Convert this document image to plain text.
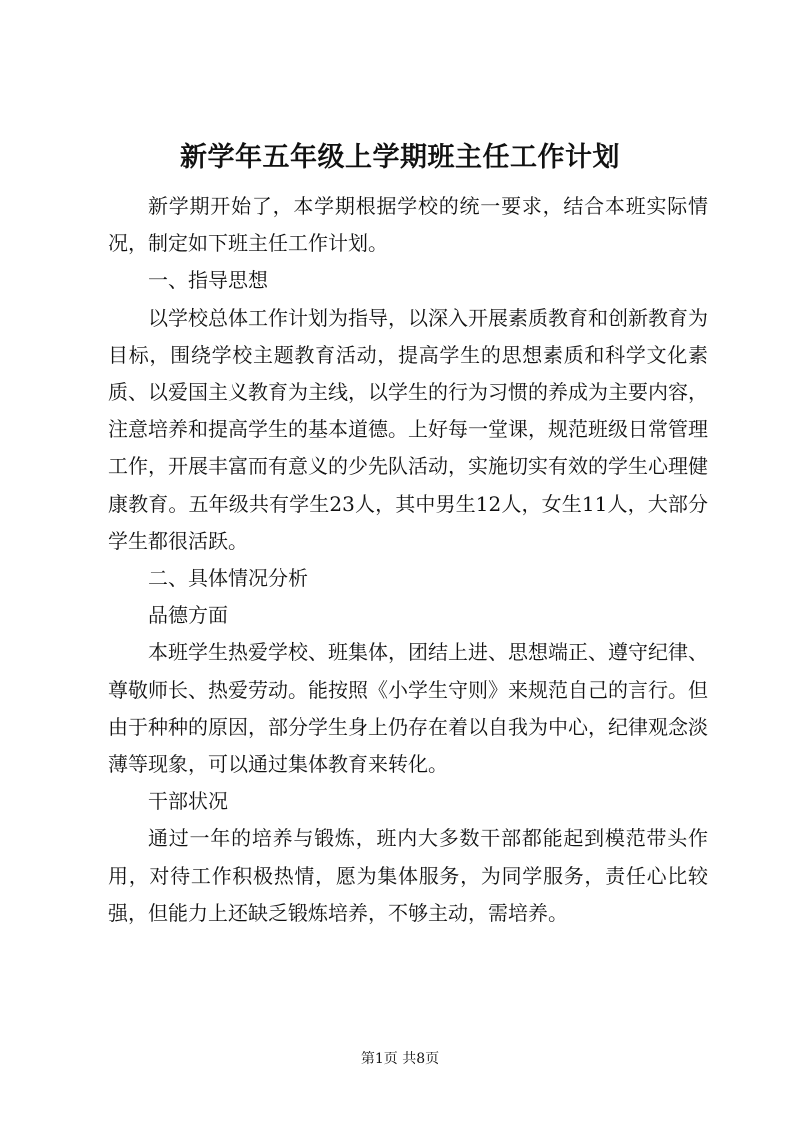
新学年五年级上学期班主任工作计划

新学期开始了，本学期根据学校的统一要求，结合本班实际情况，制定如下班主任工作计划。

一、指导思想

以学校总体工作计划为指导，以深入开展素质教育和创新教育为目标，围绕学校主题教育活动，提高学生的思想素质和科学文化素质、以爱国主义教育为主线，以学生的行为习惯的养成为主要内容，注意培养和提高学生的基本道德。上好每一堂课，规范班级日常管理工作，开展丰富而有意义的少先队活动，实施切实有效的学生心理健康教育。五年级共有学生23人，其中男生12人，女生11人，大部分学生都很活跃。

二、具体情况分析

品德方面

本班学生热爱学校、班集体，团结上进、思想端正、遵守纪律、尊敬师长、热爱劳动。能按照《小学生守则》来规范自己的言行。但由于种种的原因，部分学生身上仍存在着以自我为中心，纪律观念淡薄等现象，可以通过集体教育来转化。

干部状况

通过一年的培养与锻炼，班内大多数干部都能起到模范带头作用，对待工作积极热情，愿为集体服务，为同学服务，责任心比较强，但能力上还缺乏锻炼培养，不够主动，需培养。

第1页 共8页
